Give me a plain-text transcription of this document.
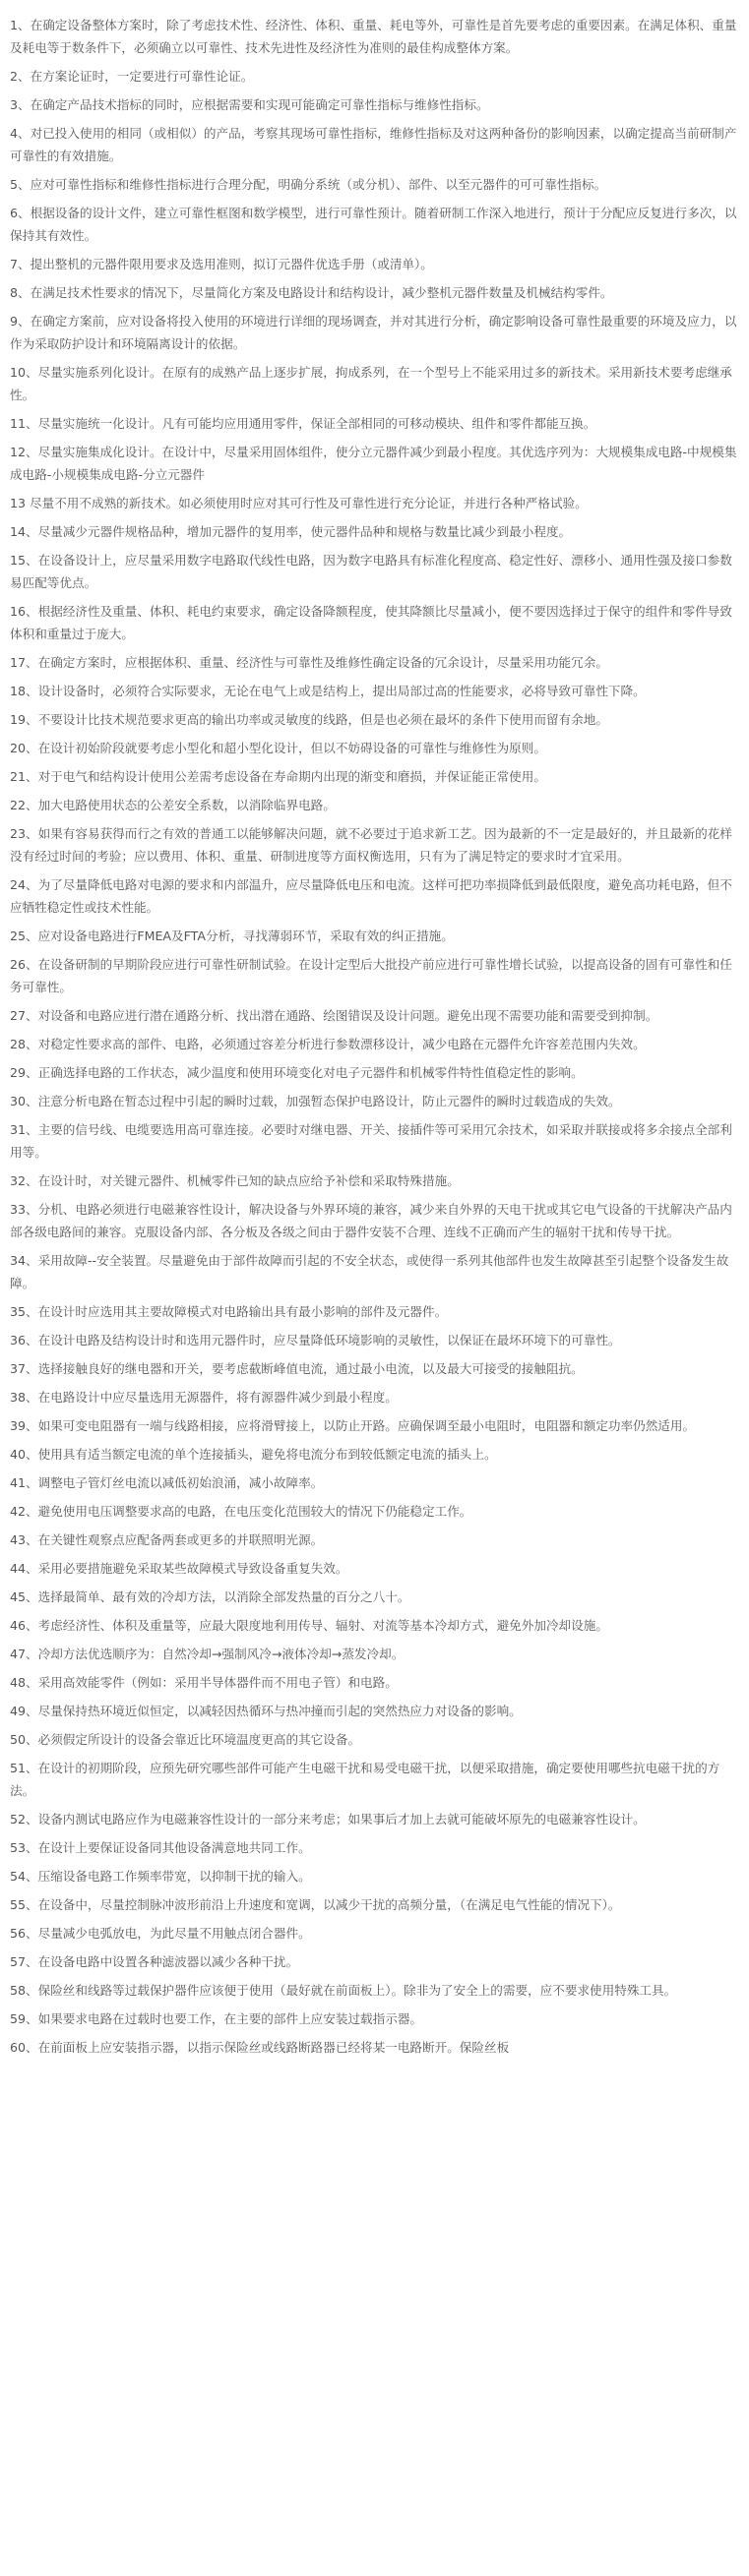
1、在确定设备整体方案时，除了考虑技术性、经济性、体积、重量、耗电等外，可靠性是首先要考虑的重要因素。在满足体积、重量及耗电等于数条件下，必须确立以可靠性、技术先进性及经济性为准则的最佳构成整体方案。

2、在方案论证时，一定要进行可靠性论证。

3、在确定产品技术指标的同时，应根据需要和实现可能确定可靠性指标与维修性指标。

4、对已投入使用的相同（或相似）的产品，考察其现场可靠性指标，维修性指标及对这两种备份的影响因素，以确定提高当前研制产可靠性的有效措施。

5、应对可靠性指标和维修性指标进行合理分配，明确分系统（或分机）、部件、以至元器件的可可靠性指标。

6、根据设备的设计文件，建立可靠性框图和数学模型，进行可靠性预计。随着研制工作深入地进行，预计于分配应反复进行多次，以保持其有效性。

7、提出整机的元器件限用要求及选用准则，拟订元器件优选手册（或清单）。

8、在满足技术性要求的情况下，尽量简化方案及电路设计和结构设计，减少整机元器件数量及机械结构零件。

9、在确定方案前，应对设备将投入使用的环境进行详细的现场调查，并对其进行分析，确定影响设备可靠性最重要的环境及应力，以作为采取防护设计和环境隔离设计的依据。

10、尽量实施系列化设计。在原有的成熟产品上逐步扩展，拘成系列，在一个型号上不能采用过多的新技术。采用新技术要考虑继承性。

11、尽量实施统一化设计。凡有可能均应用通用零件，保证全部相同的可移动模块、组件和零件都能互换。

12、尽量实施集成化设计。在设计中，尽量采用固体组件，使分立元器件减少到最小程度。其优选序列为：大规模集成电路-中规模集成电路-小规模集成电路-分立元器件

13 尽量不用不成熟的新技术。如必须使用时应对其可行性及可靠性进行充分论证，并进行各种严格试验。

14、尽量减少元器件规格品种，增加元器件的复用率，使元器件品种和规格与数量比减少到最小程度。

15、在设备设计上，应尽量采用数字电路取代线性电路，因为数字电路具有标准化程度高、稳定性好、漂移小、通用性强及接口参数易匹配等优点。

16、根据经济性及重量、体积、耗电约束要求，确定设备降额程度，使其降额比尽量减小，便不要因选择过于保守的组件和零件导致体积和重量过于庞大。

17、在确定方案时，应根据体积、重量、经济性与可靠性及维修性确定设备的冗余设计，尽量采用功能冗余。

18、设计设备时，必须符合实际要求，无论在电气上或是结构上，提出局部过高的性能要求，必将导致可靠性下降。

19、不要设计比技术规范要求更高的输出功率或灵敏度的线路，但是也必须在最坏的条件下使用而留有余地。

20、在设计初始阶段就要考虑小型化和超小型化设计，但以不妨碍设备的可靠性与维修性为原则。

21、对于电气和结构设计使用公差需考虑设备在寿命期内出现的渐变和磨损，并保证能正常使用。

22、加大电路使用状态的公差安全系数，以消除临界电路。

23、如果有容易获得而行之有效的普通工以能够解决问题，就不必要过于追求新工艺。因为最新的不一定是最好的，并且最新的花样没有经过时间的考验；应以费用、体积、重量、研制进度等方面权衡选用，只有为了满足特定的要求时才宜采用。

24、为了尽量降低电路对电源的要求和内部温升，应尽量降低电压和电流。这样可把功率损降低到最低限度，避免高功耗电路，但不应牺牲稳定性或技术性能。

25、应对设备电路进行FMEA及FTA分析，寻找薄弱环节，采取有效的纠正措施。

26、在设备研制的早期阶段应进行可靠性研制试验。在设计定型后大批投产前应进行可靠性增长试验，以提高设备的固有可靠性和任务可靠性。

27、对设备和电路应进行潜在通路分析、找出潜在通路、绘图错误及设计问题。避免出现不需要功能和需要受到抑制。

28、对稳定性要求高的部件、电路，必须通过容差分析进行参数漂移设计，减少电路在元器件允许容差范围内失效。

29、正确选择电路的工作状态，减少温度和使用环境变化对电子元器件和机械零件特性值稳定性的影响。

30、注意分析电路在暂态过程中引起的瞬时过载，加强暂态保护电路设计，防止元器件的瞬时过载造成的失效。

31、主要的信号线、电缆要选用高可靠连接。必要时对继电器、开关、接插件等可采用冗余技术，如采取并联接或将多余接点全部利用等。

32、在设计时，对关键元器件、机械零件已知的缺点应给予补偿和采取特殊措施。

33、分机、电路必须进行电磁兼容性设计，解决设备与外界环境的兼容，减少来自外界的天电干扰或其它电气设备的干扰解决产品内部各级电路间的兼容。克服设备内部、各分板及各级之间由于器件安装不合理、连线不正确而产生的辐射干扰和传导干扰。

34、采用故障--安全装置。尽量避免由于部件故障而引起的不安全状态，或使得一系列其他部件也发生故障甚至引起整个设备发生故障。

35、在设计时应选用其主要故障模式对电路输出具有最小影响的部件及元器件。

36、在设计电路及结构设计时和选用元器件时，应尽量降低环境影响的灵敏性，以保证在最坏环境下的可靠性。

37、选择接触良好的继电器和开关，要考虑截断峰值电流，通过最小电流，以及最大可接受的接触阻抗。

38、在电路设计中应尽量选用无源器件，将有源器件减少到最小程度。

39、如果可变电阻器有一端与线路相接，应将滑臂接上，以防止开路。应确保调至最小电阻时，电阻器和额定功率仍然适用。

40、使用具有适当额定电流的单个连接插头，避免将电流分布到较低额定电流的插头上。

41、调整电子管灯丝电流以减低初始浪涌，减小故障率。

42、避免使用电压调整要求高的电路，在电压变化范围较大的情况下仍能稳定工作。

43、在关键性观察点应配备两套或更多的并联照明光源。

44、采用必要措施避免采取某些故障模式导致设备重复失效。

45、选择最简单、最有效的冷却方法，以消除全部发热量的百分之八十。

46、考虑经济性、体积及重量等，应最大限度地利用传导、辐射、对流等基本冷却方式，避免外加冷却设施。

47、冷却方法优选顺序为：自然冷却→强制风冷→液体冷却→蒸发冷却。

48、采用高效能零件（例如：采用半导体器件而不用电子管）和电路。

49、尽量保持热环境近似恒定，以减轻因热循环与热冲撞而引起的突然热应力对设备的影响。

50、必须假定所设计的设备会靠近比环境温度更高的其它设备。

51、在设计的初期阶段，应预先研究哪些部件可能产生电磁干扰和易受电磁干扰，以便采取措施，确定要使用哪些抗电磁干扰的方法。

52、设备内测试电路应作为电磁兼容性设计的一部分来考虑；如果事后才加上去就可能破坏原先的电磁兼容性设计。

53、在设计上要保证设备同其他设备满意地共同工作。

54、压缩设备电路工作频率带宽，以抑制干扰的输入。

55、在设备中，尽量控制脉冲波形前沿上升速度和宽调，以减少干扰的高频分量，（在满足电气性能的情况下）。

56、尽量减少电弧放电，为此尽量不用触点闭合器件。

57、在设备电路中设置各种滤波器以减少各种干扰。

58、保险丝和线路等过载保护器件应该便于使用（最好就在前面板上）。除非为了安全上的需要，应不要求使用特殊工具。

59、如果要求电路在过载时也要工作，在主要的部件上应安装过载指示器。

60、在前面板上应安装指示器，以指示保险丝或线路断路器已经将某一电路断开。保险丝板
